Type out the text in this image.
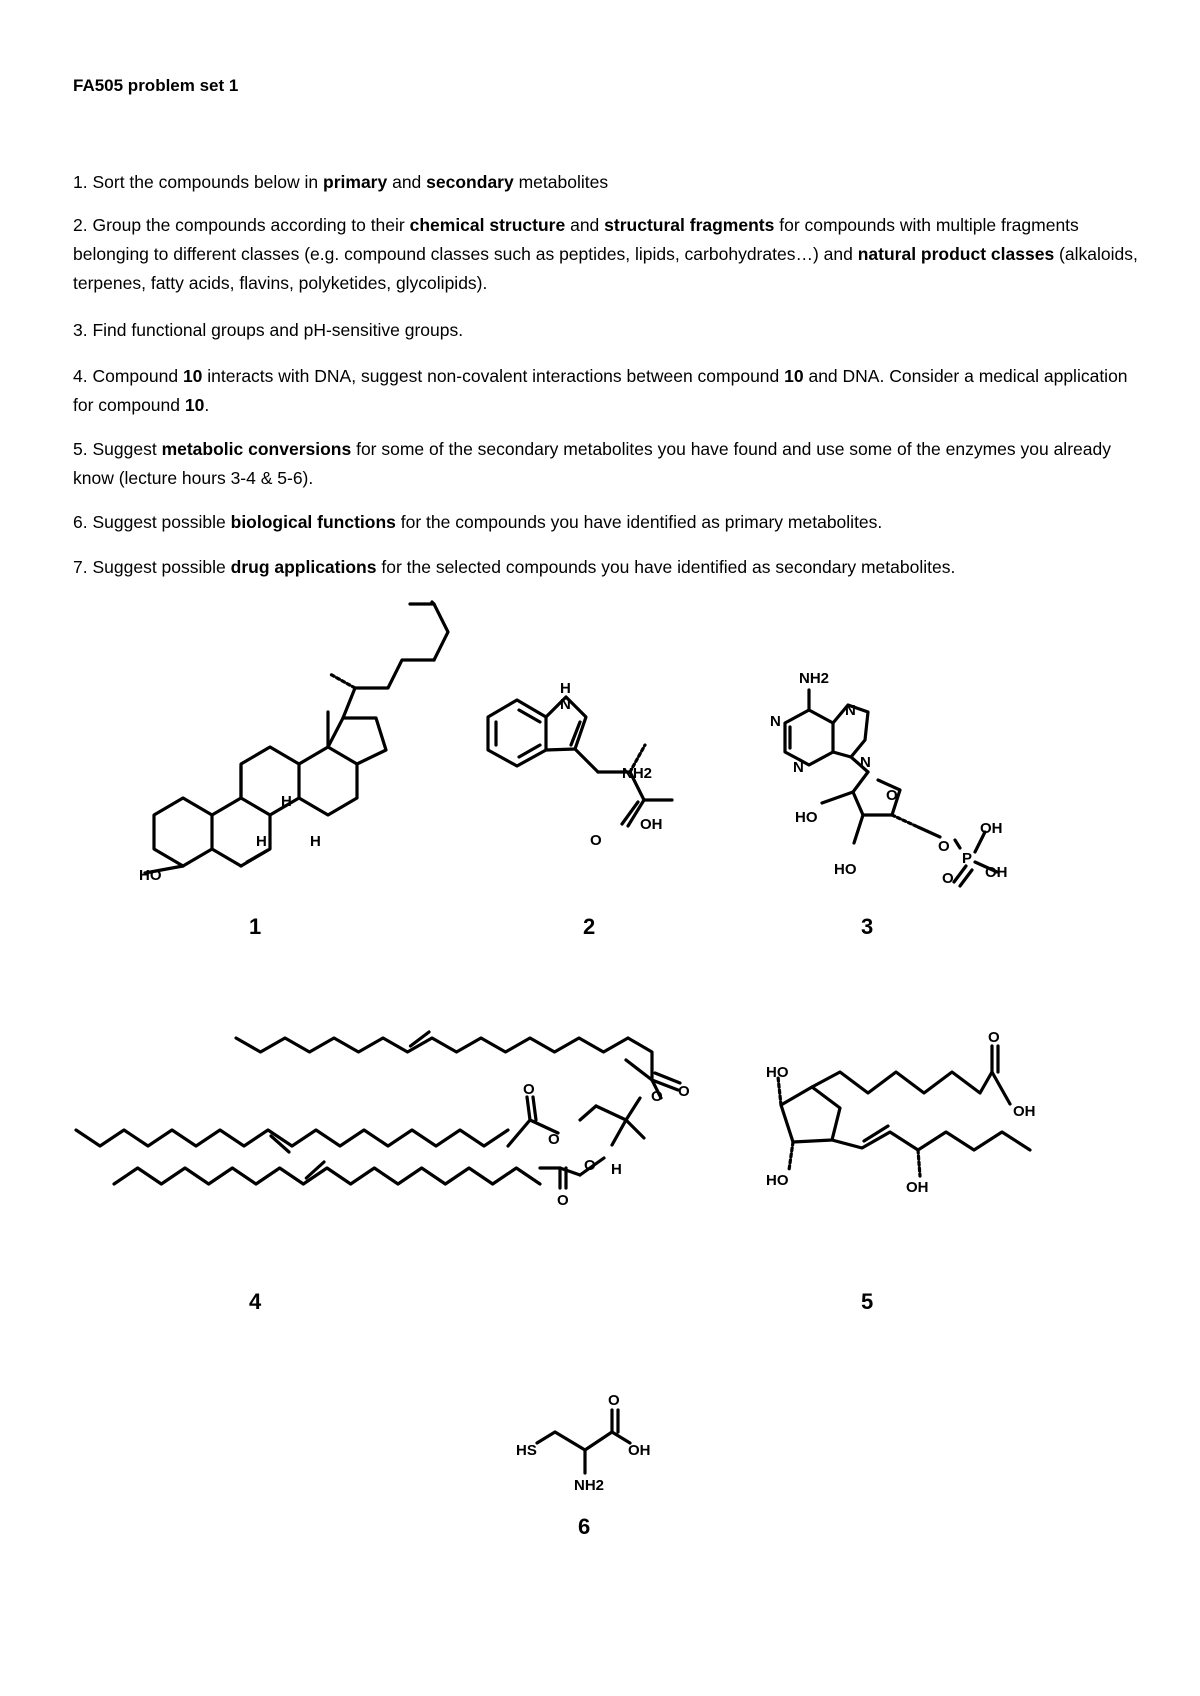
FA505 problem set 1
1. Sort the compounds below in primary and secondary metabolites
2. Group the compounds according to their chemical structure and structural fragments for compounds with multiple fragments belonging to different classes (e.g. compound classes such as peptides, lipids, carbohydrates…) and natural product classes (alkaloids, terpenes, fatty acids, flavins, polyketides, glycolipids).
3. Find functional groups and pH-sensitive groups.
4. Compound 10 interacts with DNA, suggest non-covalent interactions between compound 10 and DNA. Consider a medical application for compound 10.
5. Suggest metabolic conversions for some of the secondary metabolites you have found and use some of the enzymes you already know (lecture hours 3-4 & 5-6).
6. Suggest possible biological functions for the compounds you have identified as primary metabolites.
7. Suggest possible drug applications for the selected compounds you have identified as secondary metabolites.
HO
H
H	H
1
H
N
NH2
O
OH
2
NH2
N
N
N
N
HO
HO
O
O
P
O
OH
OH
3
O O
O
O
O
O
H
4
HO
HO
O
OH
OH
5
HS
O
OH
NH2
6
